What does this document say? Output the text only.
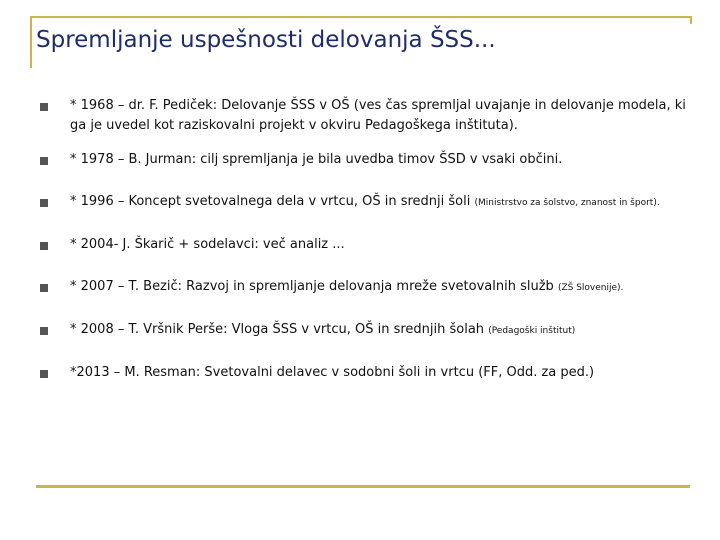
Spremljanje uspešnosti delovanja ŠSS...
* 1968 – dr. F. Pediček: Delovanje ŠSS v OŠ (ves čas spremljal uvajanje in delovanje modela, ki ga je uvedel kot raziskovalni projekt v okviru Pedagoškega inštituta).
* 1978 – B. Jurman: cilj spremljanja je bila uvedba timov ŠSD v vsaki občini.
* 1996 – Koncept svetovalnega dela v vrtcu, OŠ in srednji šoli (Ministrstvo za šolstvo, znanost in šport).
* 2004- J. Škarič + sodelavci: več analiz ...
* 2007 – T. Bezič: Razvoj in spremljanje delovanja mreže svetovalnih služb (ZŠ Slovenije).
* 2008 – T. Vršnik Perše: Vloga ŠSS v vrtcu, OŠ in srednjih šolah (Pedagoški inštitut)
*2013 – M. Resman: Svetovalni delavec v sodobni šoli in vrtcu (FF, Odd. za ped.)
